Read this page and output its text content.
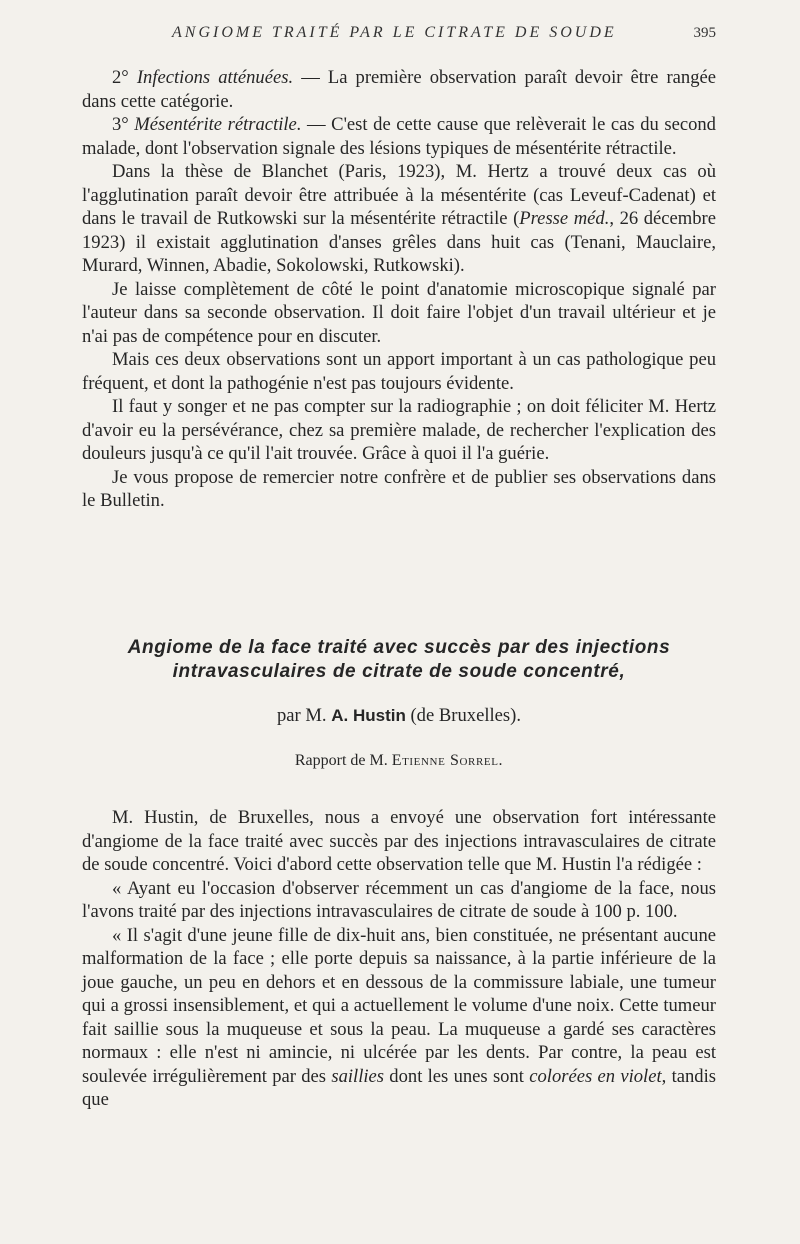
ANGIOME TRAITÉ PAR LE CITRATE DE SOUDE	395

2° Infections atténuées. — La première observation paraît devoir être rangée dans cette catégorie.

3° Mésentérite rétractile. — C'est de cette cause que relèverait le cas du second malade, dont l'observation signale des lésions typiques de mésentérite rétractile.

Dans la thèse de Blanchet (Paris, 1923), M. Hertz a trouvé deux cas où l'agglutination paraît devoir être attribuée à la mésentérite (cas Leveuf-Cadenat) et dans le travail de Rutkowski sur la mésentérite rétractile (Presse méd., 26 décembre 1923) il existait agglutination d'anses grêles dans huit cas (Tenani, Mauclaire, Murard, Winnen, Abadie, Sokolowski, Rutkowski).

Je laisse complètement de côté le point d'anatomie microscopique signalé par l'auteur dans sa seconde observation. Il doit faire l'objet d'un travail ultérieur et je n'ai pas de compétence pour en discuter.

Mais ces deux observations sont un apport important à un cas pathologique peu fréquent, et dont la pathogénie n'est pas toujours évidente.

Il faut y songer et ne pas compter sur la radiographie ; on doit féliciter M. Hertz d'avoir eu la persévérance, chez sa première malade, de rechercher l'explication des douleurs jusqu'à ce qu'il l'ait trouvée. Grâce à quoi il l'a guérie.

Je vous propose de remercier notre confrère et de publier ses observations dans le Bulletin.

Angiome de la face traité avec succès par des injections
intravasculaires de citrate de soude concentré,
par M. A. Hustin (de Bruxelles).
Rapport de M. Etienne Sorrel.

M. Hustin, de Bruxelles, nous a envoyé une observation fort intéressante d'angiome de la face traité avec succès par des injections intravasculaires de citrate de soude concentré. Voici d'abord cette observation telle que M. Hustin l'a rédigée :

« Ayant eu l'occasion d'observer récemment un cas d'angiome de la face, nous l'avons traité par des injections intravasculaires de citrate de soude à 100 p. 100.

« Il s'agit d'une jeune fille de dix-huit ans, bien constituée, ne présentant aucune malformation de la face ; elle porte depuis sa naissance, à la partie inférieure de la joue gauche, un peu en dehors et en dessous de la commissure labiale, une tumeur qui a grossi insensiblement, et qui a actuellement le volume d'une noix. Cette tumeur fait saillie sous la muqueuse et sous la peau. La muqueuse a gardé ses caractères normaux : elle n'est ni amincie, ni ulcérée par les dents. Par contre, la peau est soulevée irrégulièrement par des saillies dont les unes sont colorées en violet, tandis que
